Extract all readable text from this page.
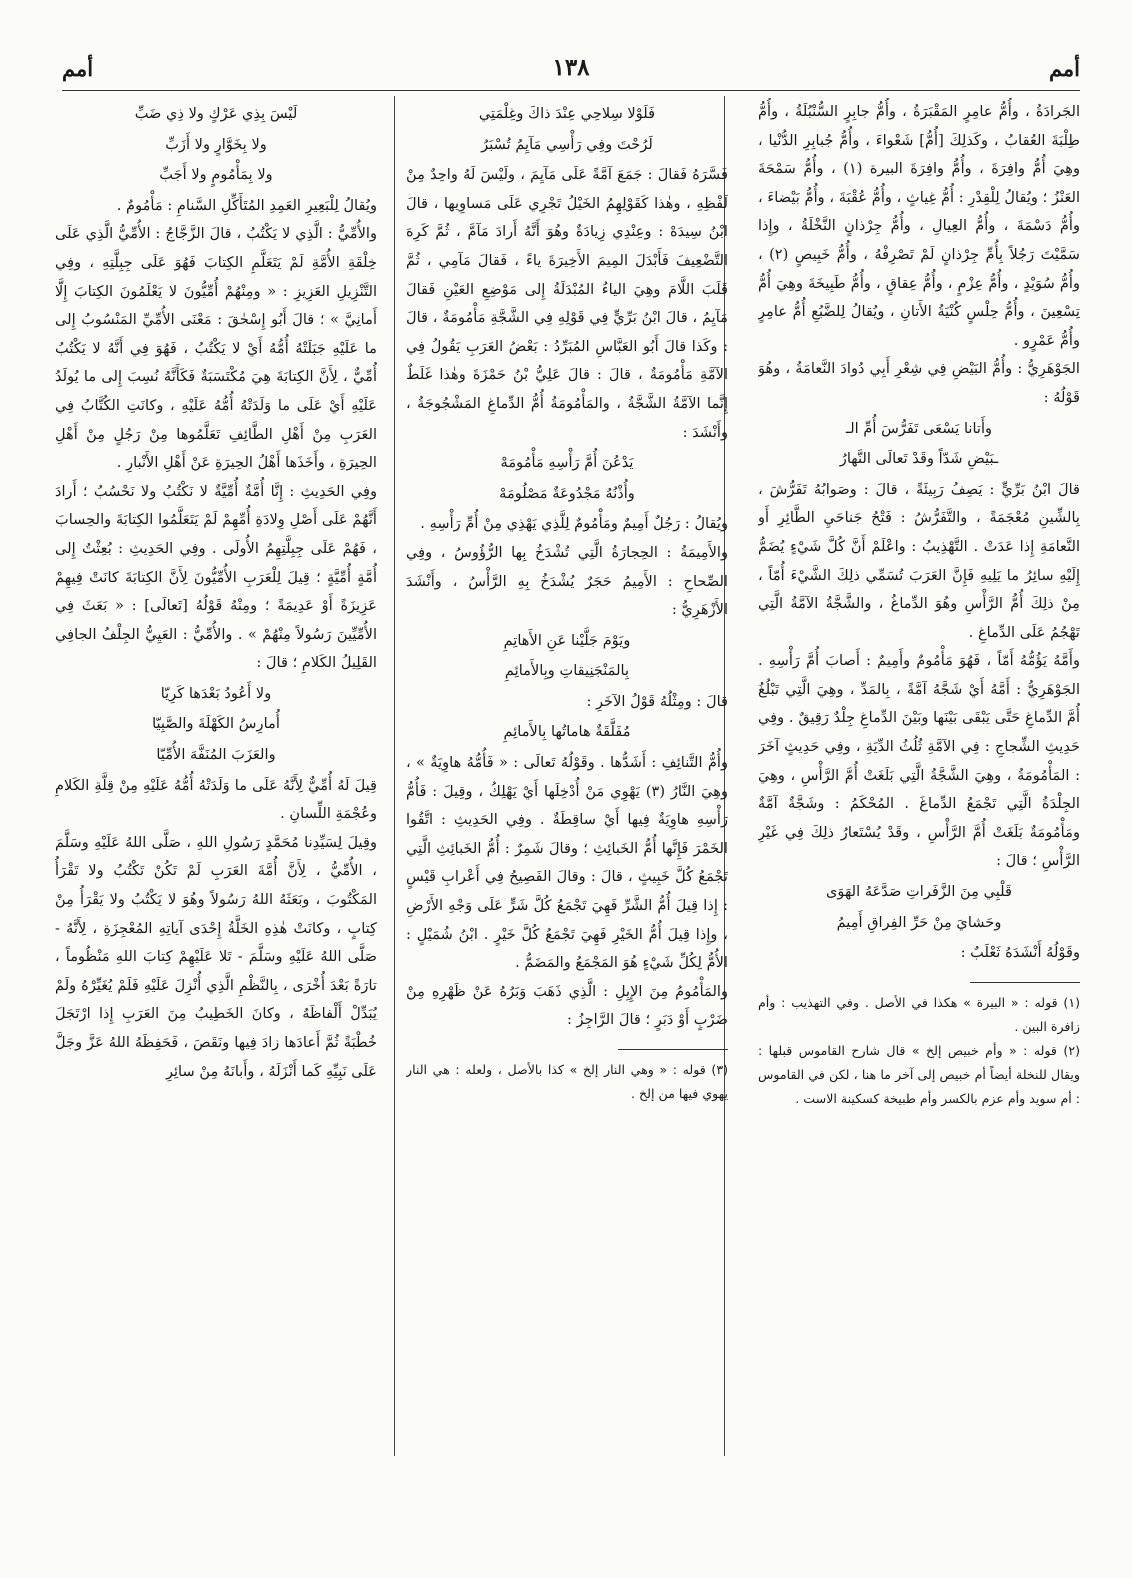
أمم
١٣٨
أمم

الجَرادَةُ ، وأُمُّ عامِرٍ المَقْبَرَةُ ، وأُمُّ جابِرٍ السُّنْبُلَةُ ، وأُمُّ طِلْبَةَ العُقابُ ، وكَذلِكَ [أُمُّ] شَعْواءَ ، وأُمُّ جُبابِرِ الدُّنْيا ، وهِيَ أُمُّ وافِرَةَ ، وأُمُّ وافِرَةَ البيرة (١) ، وأُمُّ سَمْحَةَ العَنْزُ ؛ ويُقالُ لِلْقِدْرِ : أُمُّ غِياثٍ ، وأُمُّ عُقْبَةَ ، وأُمُّ بَيْضاءَ ، وأُمُّ دَسْمَةَ ، وأُمُّ العِيالِ ، وأُمُّ جِرْذانٍ النَّخْلَةُ ، وإِذا سَمَّيْتَ رَجُلاً بِأُمِّ جِرْذانٍ لَمْ تَصْرِفْهُ ، وأُمُّ خَبِيصٍ (٢) ، وأُمُّ سُوَيْدٍ ، وأُمُّ عِزْمٍ ، وأُمُّ عِقاقٍ ، وأُمُّ طَبِيخَةَ وهِيَ أُمُّ تِسْعِينَ ، وأُمُّ حِلْسٍ كُنْيَةُ الأَتانِ ، ويُقالُ لِلضَّبُعِ أُمُّ عامِرٍ وأُمُّ عَمْرٍو .

الجَوْهَرِيُّ : وأُمُّ البَيْضِ فِي شِعْرِ أَبِي دُوادَ النَّعامَةُ ، وهُوَ قَوْلُهُ :

وأَتانا يَسْعَى تَفَرُّسَ أُمِّ الـ

ـبَيْضِ شَدّاً وقَدْ تَعالَى النَّهارُ

قالَ ابْنُ بَرِّيٍّ : يَصِفُ رَبِيئَةً ، قالَ : وصَوابُهُ تَفَرُّشَ ، بِالشِّينِ مُعْجَمَةً ، والتَّفَرُّشُ : فَتْحُ جَناحَيِ الطَّائِرِ أَو النَّعامَةِ إِذا عَدَتْ . التَّهْذِيبُ : واعْلَمْ أَنَّ كُلَّ شَيْءٍ يُضَمُّ إِلَيْهِ سائِرُ ما يَلِيهِ فَإِنَّ العَرَبَ تُسَمِّي ذلِكَ الشَّيْءَ أُمّاً ، مِنْ ذلِكَ أُمُّ الرَّأْسِ وهُوَ الدِّماغُ ، والشَّجَّةُ الآمَّةُ الَّتِي تَهْجُمُ عَلَى الدِّماغِ .

وأَمَّهُ يَؤُمُّهُ أَمّاً ، فَهُوَ مَأْمُومٌ وأَمِيمٌ : أَصابَ أُمَّ رَأْسِهِ . الجَوْهَرِيُّ : أَمَّهُ أَيْ شَجَّهُ آمَّةً ، بِالمَدِّ ، وهِيَ الَّتِي تَبْلُغُ أُمَّ الدِّماغِ حَتَّى يَبْقَى بَيْنَها وبَيْنَ الدِّماغِ جِلْدٌ رَقِيقٌ . وفِي حَدِيثِ الشِّجاجِ : فِي الآمَّةِ ثُلُثُ الدِّيَةِ ، وفِي حَدِيثٍ آخَرَ : المَأْمُومَةُ ، وهِيَ الشَّجَّةُ الَّتِي بَلَغَتْ أُمَّ الرَّأْسِ ، وهِيَ الجِلْدَةُ الَّتِي تَجْمَعُ الدِّماغَ . المُحْكَمُ : وشَجَّةٌ آمَّةٌ ومَأْمُومَةٌ بَلَغَتْ أُمَّ الرَّأْسِ ، وقَدْ يُسْتَعارُ ذلِكَ فِي غَيْرِ الرَّأْسِ ؛ قالَ :

قَلْبِي مِنَ الزَّفَراتِ صَدَّعَهُ الهَوَى

وحَشايَ مِنْ حَرِّ الفِراقِ أَمِيمُ

وقَوْلُهُ أَنْشَدَهُ ثَعْلَبٌ :

(١) قوله : « البيرة » هكذا في الأصل . وفي التهذيب : وأم زافرة البين .

(٢) قوله : « وأم خبيص إلخ » قال شارح القاموس قبلها : ويقال للنخلة أيضاً أم خبيص إلى آخر ما هنا ، لكن في القاموس : أم سويد وأم عزم بالكسر وأم طبيخة كسكينة الاست .

فَلَوْلا سِلاحِي عِنْدَ ذاكَ وغِلْمَتِي

لَرُحْتَ وفِي رَأْسِي مَآيِمُ تُسْبَرُ

فَسَّرَهُ فَقالَ : جَمَعَ آمَّةً عَلَى مَآيِمَ ، ولَيْسَ لَهُ واحِدٌ مِنْ لَفْظِهِ ، وهٰذا كَقَوْلِهِمُ الخَيْلُ تَجْرِي عَلَى مَساوِيها ، قالَ ابْنُ سِيدَهْ : وعِنْدِي زِيادَةٌ وهُوَ أَنَّهُ أَرادَ مَآمَّ ، ثُمَّ كَرِهَ التَّضْعِيفَ فَأَبْدَلَ المِيمَ الأَخِيرَةَ ياءً ، فَقالَ مَآمِي ، ثُمَّ قَلَبَ اللَّامَ وهِيَ الياءُ المُبْدَلَةُ إِلى مَوْضِعِ العَيْنِ فَقالَ مَآيِمُ ، قالَ ابْنُ بَرِّيٍّ فِي قَوْلِهِ فِي الشَّجَّةِ مَأْمُومَةٌ ، قالَ : وكَذا قالَ أَبُو العَبَّاسِ المُبَرِّدُ : بَعْضُ العَرَبِ يَقُولُ فِي الآمَّةِ مَأْمُومَةٌ ، قالَ : قالَ عَلِيُّ بْنُ حَمْزَةَ وهٰذا غَلَطٌ إِنَّما الآمَّةُ الشَّجَّةُ ، والمَأْمُومَةُ أُمُّ الدِّماغِ المَشْجُوجَةُ ، وأَنْشَدَ :

يَدْعُنَ أُمَّ رَأْسِهِ مَأْمُومَهْ

وأُذْنُهُ مَجْدُوعَةٌ مَصْلُومَهْ

ويُقالُ : رَجُلٌ أَمِيمٌ ومَأْمُومٌ لِلَّذِي يَهْذِي مِنْ أُمِّ رَأْسِهِ .

والأَمِيمَةُ : الحِجارَةُ الَّتِي تُشْدَخُ بِها الرُّؤُوسُ ، وفِي الصِّحاحِ : الأَمِيمُ حَجَرٌ يُشْدَخُ بِهِ الرَّأْسُ ، وأَنْشَدَ الأَزْهَرِيُّ :

ويَوْمَ جَلَّيْنا عَنِ الأَهاتِمِ

بِالمَنْجَنِيقاتِ وبِالأَمائِمِ

قالَ : ومِثْلُهُ قَوْلُ الآخَرِ :

مُفَلَّقَةٌ هاماتُها بِالأَمائِمِ

وأُمُّ التَّنائِفِ : أَشَدُّها . وقَوْلُهُ تَعالَى : « فَأُمُّهُ هاوِيَةٌ » ، وهِيَ النَّارُ (٣) يَهْوِي مَنْ أُدْخِلَها أَيْ يَهْلِكُ ، وقِيلَ : فَأُمُّ رَأْسِهِ هاوِيَةٌ فِيها أَيْ ساقِطَةٌ . وفِي الحَدِيثِ : اتَّقُوا الخَمْرَ فَإِنَّها أُمُّ الخَبائِثِ ؛ وقالَ شَمِرٌ : أُمُّ الخَبائِثِ الَّتِي تَجْمَعُ كُلَّ خَبِيثٍ ، قالَ : وقالَ الفَصِيحُ فِي أَعْرابِ قَيْسٍ : إِذا قِيلَ أُمُّ الشَّرِّ فَهِيَ تَجْمَعُ كُلَّ شَرٍّ عَلَى وَجْهِ الأَرْضِ ، وإِذا قِيلَ أُمُّ الخَيْرِ فَهِيَ تَجْمَعُ كُلَّ خَيْرٍ . ابْنُ شُمَيْلٍ : الأُمُّ لِكُلِّ شَيْءٍ هُوَ المَجْمَعُ والمَضَمُّ .

والمَأْمُومُ مِنَ الإِبِلِ : الَّذِي ذَهَبَ وَبَرُهُ عَنْ ظَهْرِهِ مِنْ ضَرْبٍ أَوْ دَبَرٍ ؛ قالَ الرَّاجِزُ :

(٣) قوله : « وهي النار إلخ » كذا بالأصل ، ولعله : هي النار يهوي فيها من إلخ .

لَيْسَ بِذِي عَرْكٍ ولا ذِي ضَبِّ

ولا بِخَوَّارٍ ولا أَزَبِّ

ولا بِمَأْمُومٍ ولا أَجَبِّ

ويُقالُ لِلْبَعِيرِ العَمِدِ المُتَأَكِّلِ السَّنامِ : مَأْمُومٌ .

والأُمِّيُّ : الَّذِي لا يَكْتُبُ ، قالَ الزَّجَّاجُ : الأُمِّيُّ الَّذِي عَلَى خِلْقَةِ الأُمَّةِ لَمْ يَتَعَلَّمِ الكِتابَ فَهُوَ عَلَى جِبِلَّتِهِ ، وفِي التَّنْزِيلِ العَزِيزِ : « ومِنْهُمْ أُمِّيُّونَ لا يَعْلَمُونَ الكِتابَ إِلَّا أَمانِيَّ » ؛ قالَ أَبُو إِسْحٰقَ : مَعْنَى الأُمِّيِّ المَنْسُوبُ إِلى ما عَلَيْهِ جَبَلَتْهُ أُمُّهُ أَيْ لا يَكْتُبُ ، فَهُوَ فِي أَنَّهُ لا يَكْتُبُ أُمِّيٌّ ، لِأَنَّ الكِتابَةَ هِيَ مُكْتَسَبَةٌ فَكَأَنَّهُ نُسِبَ إِلى ما يُولَدُ عَلَيْهِ أَيْ عَلَى ما وَلَدَتْهُ أُمُّهُ عَلَيْهِ ، وكانَتِ الكُتَّابُ فِي العَرَبِ مِنْ أَهْلِ الطَّائِفِ تَعَلَّمُوها مِنْ رَجُلٍ مِنْ أَهْلِ الحِيرَةِ ، وأَخَذَها أَهْلُ الحِيرَةِ عَنْ أَهْلِ الأَنْبارِ .

وفِي الحَدِيثِ : إِنَّا أُمَّةٌ أُمِّيَّةٌ لا نَكْتُبُ ولا نَحْسُبُ ؛ أَرادَ أَنَّهُمْ عَلَى أَصْلِ وِلادَةِ أُمِّهِمْ لَمْ يَتَعَلَّمُوا الكِتابَةَ والحِسابَ ، فَهُمْ عَلَى جِبِلَّتِهِمُ الأُولَى . وفِي الحَدِيثِ : بُعِثْتُ إِلى أُمَّةٍ أُمِّيَّةٍ ؛ قِيلَ لِلْعَرَبِ الأُمِّيُّونَ لِأَنَّ الكِتابَةَ كانَتْ فِيهِمْ عَزِيزَةً أَوْ عَدِيمَةً ؛ ومِنْهُ قَوْلُهُ [تَعالَى] : « بَعَثَ فِي الأُمِّيِّينَ رَسُولاً مِنْهُمْ » . والأُمِّيُّ : العَيِيُّ الجِلْفُ الجافِي القَلِيلُ الكَلامِ ؛ قالَ :

ولا أَعُودُ بَعْدَها كَرِيّا

أُمارِسُ الكَهْلَةَ والصَّبِيّا

والعَزَبَ المُنَفَّهَ الأُمِّيّا

قِيلَ لَهُ أُمِّيٌّ لِأَنَّهُ عَلَى ما وَلَدَتْهُ أُمُّهُ عَلَيْهِ مِنْ قِلَّةِ الكَلامِ وعُجْمَةِ اللِّسانِ .

وقِيلَ لِسَيِّدِنا مُحَمَّدٍ رَسُولِ اللهِ ، صَلَّى اللهُ عَلَيْهِ وسَلَّمَ ، الأُمِّيُّ ، لِأَنَّ أُمَّةَ العَرَبِ لَمْ تَكُنْ تَكْتُبُ ولا تَقْرَأُ المَكْتُوبَ ، وبَعَثَهُ اللهُ رَسُولاً وهُوَ لا يَكْتُبُ ولا يَقْرَأُ مِنْ كِتابٍ ، وكانَتْ هٰذِهِ الخَلَّةُ إِحْدَى آياتِهِ المُعْجِزَةِ ، لِأَنَّهُ - صَلَّى اللهُ عَلَيْهِ وسَلَّمَ - تَلا عَلَيْهِمْ كِتابَ اللهِ مَنْظُوماً ، تارَةً بَعْدَ أُخْرَى ، بِالنَّظْمِ الَّذِي أُنْزِلَ عَلَيْهِ فَلَمْ يُغَيِّرْهُ ولَمْ يُبَدِّلْ أَلْفاظَهُ ، وكانَ الخَطِيبُ مِنَ العَرَبِ إِذا ارْتَجَلَ خُطْبَةً ثُمَّ أَعادَها زادَ فِيها ونَقَصَ ، فَحَفِظَهُ اللهُ عَزَّ وجَلَّ عَلَى نَبِيِّهِ كَما أَنْزَلَهُ ، وأَبانَهُ مِنْ سائِرِ
